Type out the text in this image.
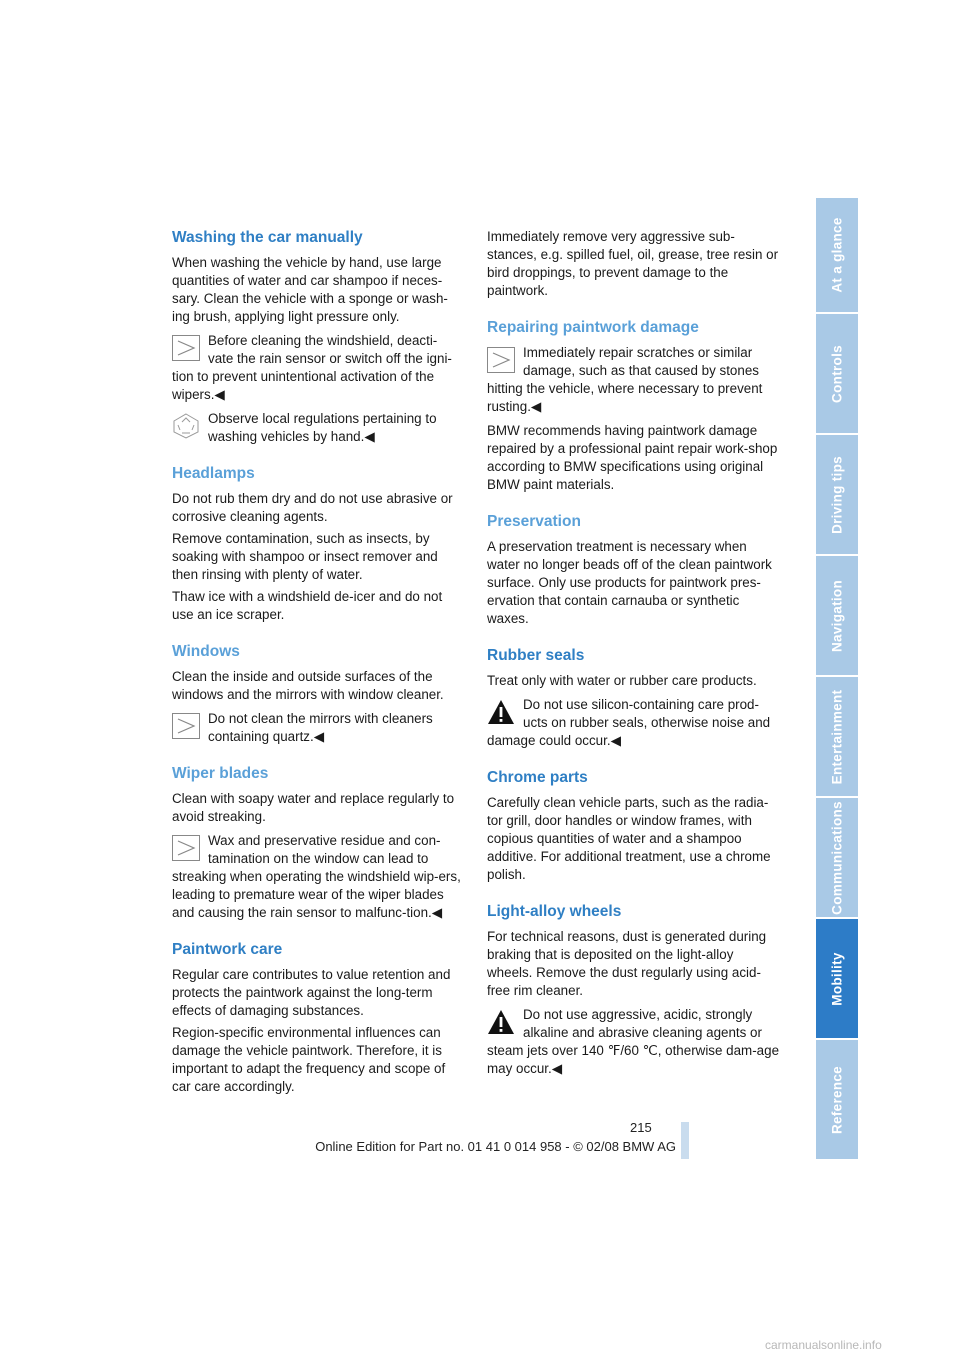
Washing the car manually

When washing the vehicle by hand, use large quantities of water and car shampoo if neces-sary. Clean the vehicle with a sponge or wash-ing brush, applying light pressure only.

Before cleaning the windshield, deacti-
vate the rain sensor or switch off the igni-
tion to prevent unintentional activation of the wipers.◀
Observe local regulations pertaining to
washing vehicles by hand.◀
Headlamps

Do not rub them dry and do not use abrasive or corrosive cleaning agents.

Remove contamination, such as insects, by soaking with shampoo or insect remover and then rinsing with plenty of water.

Thaw ice with a windshield de-icer and do not use an ice scraper.

Windows

Clean the inside and outside surfaces of the windows and the mirrors with window cleaner.

Do not clean the mirrors with cleaners
containing quartz.◀
Wiper blades

Clean with soapy water and replace regularly to avoid streaking.

Wax and preservative residue and con-
tamination on the window can lead to
streaking when operating the windshield wip-ers, leading to premature wear of the wiper blades and causing the rain sensor to malfunc-tion.◀
Paintwork care

Regular care contributes to value retention and protects the paintwork against the long-term effects of damaging substances.

Region-specific environmental influences can damage the vehicle paintwork. Therefore, it is important to adapt the frequency and scope of car care accordingly.

Immediately remove very aggressive sub-stances, e.g. spilled fuel, oil, grease, tree resin or bird droppings, to prevent damage to the paintwork.

Repairing paintwork damage
Immediately repair scratches or similar
damage, such as that caused by stones
hitting the vehicle, where necessary to prevent rusting.◀

BMW recommends having paintwork damage repaired by a professional paint repair work-shop according to BMW specifications using original BMW paint materials.

Preservation

A preservation treatment is necessary when water no longer beads off of the clean paintwork surface. Only use products for paintwork pres-ervation that contain carnauba or synthetic waxes.

Rubber seals

Treat only with water or rubber care products.

Do not use silicon-containing care prod-
ucts on rubber seals, otherwise noise and
damage could occur.◀
Chrome parts

Carefully clean vehicle parts, such as the radia-tor grill, door handles or window frames, with copious quantities of water and a shampoo additive. For additional treatment, use a chrome polish.

Light-alloy wheels

For technical reasons, dust is generated during braking that is deposited on the light-alloy wheels. Remove the dust regularly using acid-free rim cleaner.

Do not use aggressive, acidic, strongly
alkaline and abrasive cleaning agents or
steam jets over 140 ℉/60 ℃, otherwise dam-age may occur.◀
At a glance
Controls
Driving tips
Navigation
Entertainment
Communications
Mobility
Reference
215
Online Edition for Part no. 01 41 0 014 958 - © 02/08 BMW AG
carmanualsonline.info
